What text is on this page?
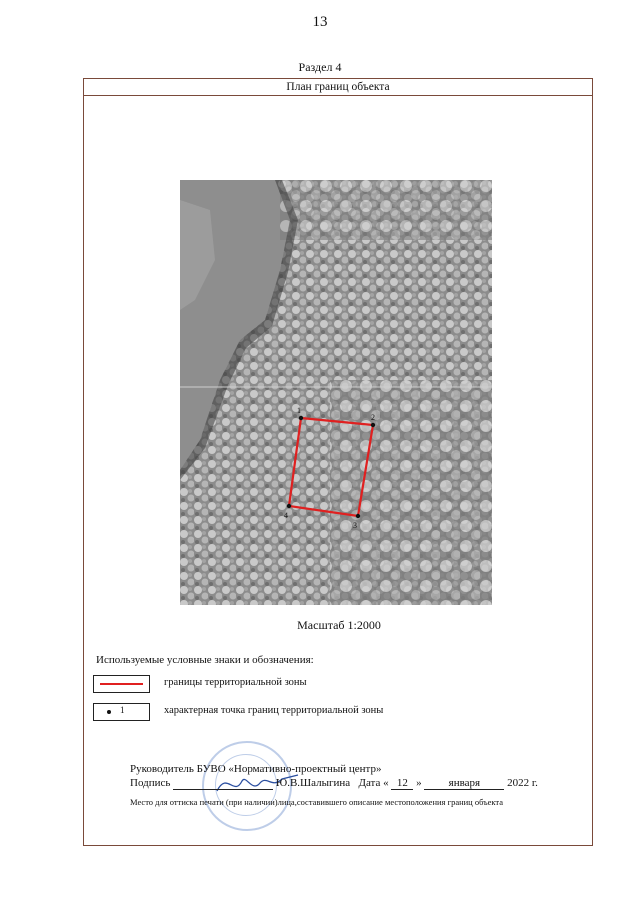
13
Раздел 4
План границ объекта
1
2
3
4
Масштаб 1:2000
Используемые условные знаки и обозначения:
границы территориальной зоны
1	характерная точка границ территориальной зоны
Руководитель БУВО «Нормативно-проектный центр»
Подпись	Ю.В.Шалыгина Дата « 12 » января 2022 г.
Место для оттиска печати (при наличии)лица,составившего описание местоположения границ объекта
